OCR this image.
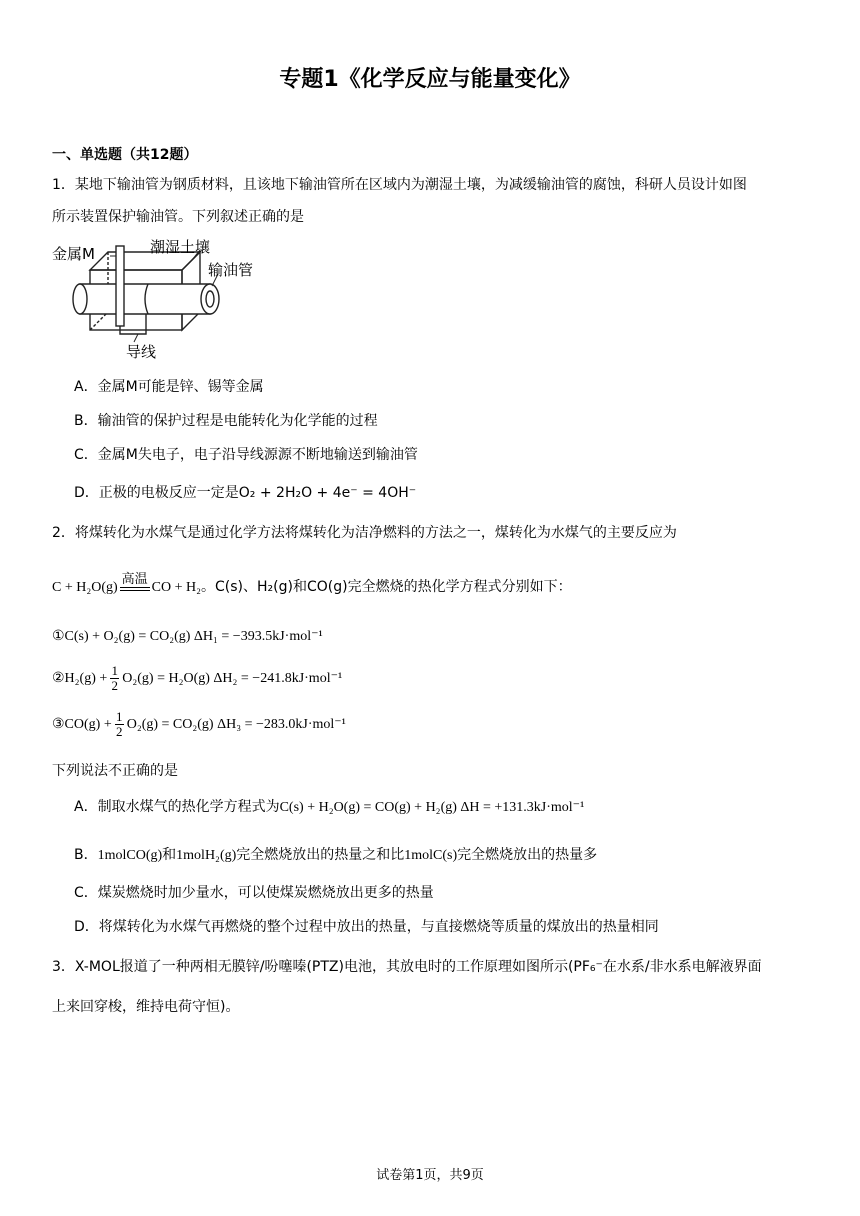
专题1《化学反应与能量变化》
一、单选题（共12题）
1．某地下输油管为钢质材料，且该地下输油管所在区域内为潮湿土壤，为减缓输油管的腐蚀，科研人员设计如图
所示装置保护输油管。下列叙述正确的是
金属M	潮湿土壤
输油管
导线
A．金属M可能是锌、锡等金属
B．输油管的保护过程是电能转化为化学能的过程
C．金属M失电子，电子沿导线源源不断地输送到输油管
D．正极的电极反应一定是O₂ + 2H₂O + 4e⁻ = 4OH⁻
2．将煤转化为水煤气是通过化学方法将煤转化为洁净燃料的方法之一，煤转化为水煤气的主要反应为
C + H₂O(g)
高温
CO + H₂ 。C(s)、H₂(g)和CO(g)完全燃烧的热化学方程式分别如下：
①C(s) + O₂(g) = CO₂(g) ΔH₁ = −393.5kJ·mol⁻¹
②H₂(g) +
1
2 O₂(g) = H₂O(g) ΔH₂ = −241.8kJ·mol⁻¹
③CO(g) +
1
2 O₂(g) = CO₂(g) ΔH₃ = −283.0kJ·mol⁻¹
下列说法不正确的是
A．制取水煤气的热化学方程式为C(s) + H₂O(g) = CO(g) + H₂(g) ΔH = +131.3kJ·mol⁻¹
B．1molCO(g)和1molH₂(g)完全燃烧放出的热量之和比1molC(s)完全燃烧放出的热量多
C．煤炭燃烧时加少量水，可以使煤炭燃烧放出更多的热量
D．将煤转化为水煤气再燃烧的整个过程中放出的热量，与直接燃烧等质量的煤放出的热量相同
3．X-MOL报道了一种两相无膜锌/吩噻嗪(PTZ)电池，其放电时的工作原理如图所示(PF₆⁻在水系/非水系电解液界面
上来回穿梭，维持电荷守恒)。
试卷第1页，共9页
